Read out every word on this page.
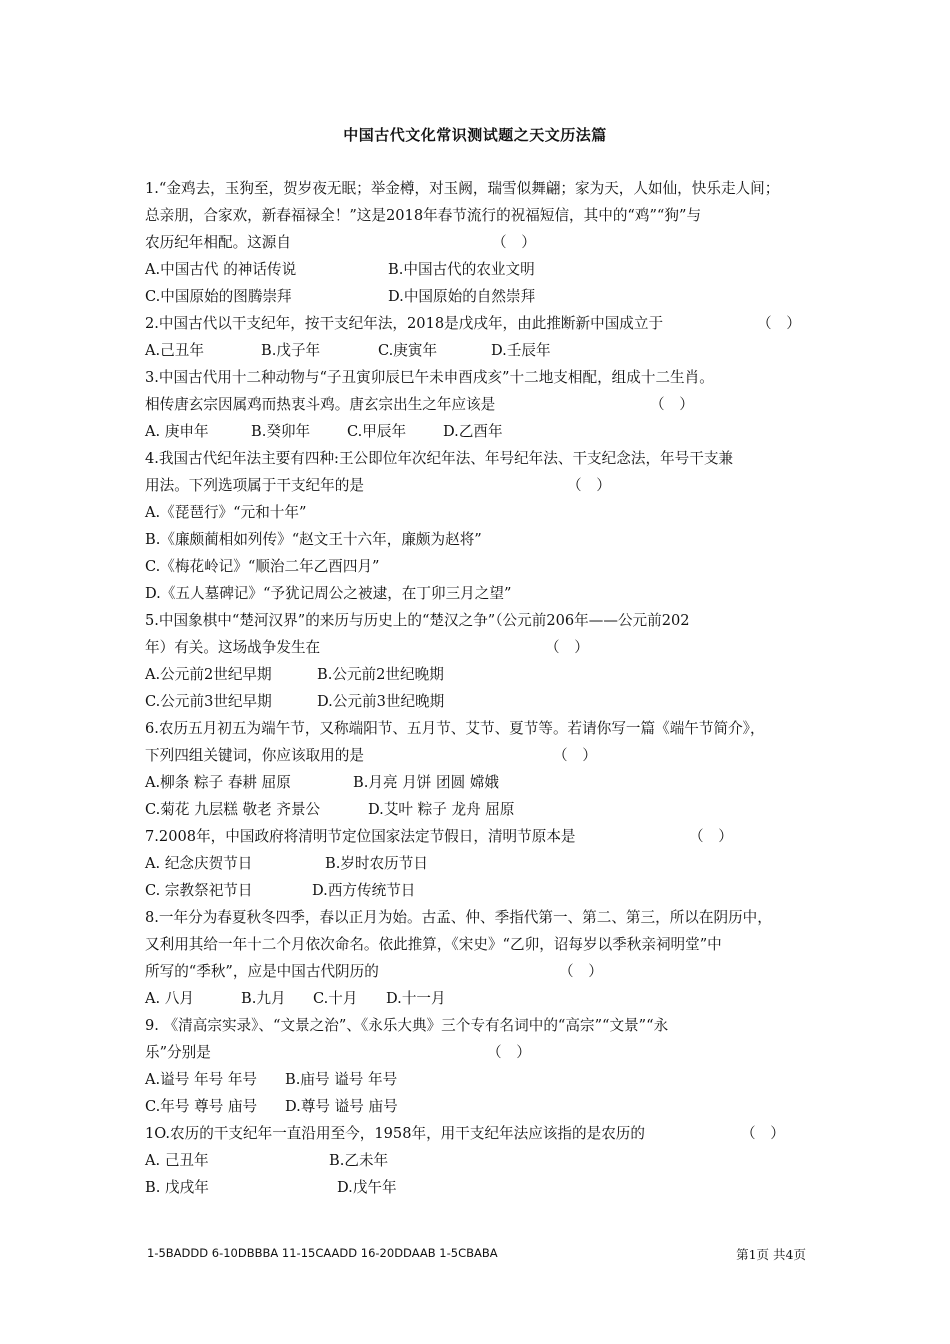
中国古代文化常识测试题之天文历法篇
1.“金鸡去，玉狗至，贺岁夜无眠；举金樽，对玉阙，瑞雪似舞翩；家为天，人如仙，快乐走人间；
总亲朋，合家欢，新春福禄全！”这是2018年春节流行的祝福短信，其中的“鸡”“狗”与
农历纪年相配。这源自	（　）
A.中国古代 的神话传说	B.中国古代的农业文明
C.中国原始的图腾崇拜	D.中国原始的自然崇拜
2.中国古代以干支纪年，按干支纪年法，2018是戊戌年，由此推断新中国成立于	（　）
A.己丑年	B.戊子年	C.庚寅年	D.壬辰年
3.中国古代用十二种动物与“子丑寅卯辰巳午未申酉戌亥”十二地支相配，组成十二生肖。
相传唐玄宗因属鸡而热衷斗鸡。唐玄宗出生之年应该是	（　）
A. 庚申年	B.癸卯年	C.甲辰年	D.乙酉年
4.我国古代纪年法主要有四种:王公即位年次纪年法、年号纪年法、干支纪念法，年号干支兼
用法。下列选项属于干支纪年的是	（　）
A.《琵琶行》“元和十年”
B.《廉颇蔺相如列传》“赵文王十六年，廉颇为赵将”
C.《梅花岭记》“顺治二年乙酉四月”
D.《五人墓碑记》“予犹记周公之被逮，在丁卯三月之望”
5.中国象棋中“楚河汉界”的来历与历史上的“楚汉之争”（公元前206年——公元前202
年）有关。这场战争发生在	（　）
A.公元前2世纪早期	B.公元前2世纪晚期
C.公元前3世纪早期	D.公元前3世纪晚期
6.农历五月初五为端午节，又称端阳节、五月节、艾节、夏节等。若请你写一篇《端午节简介》，
下列四组关键词，你应该取用的是	（　）
A.柳条 粽子 春耕 屈原	B.月亮 月饼 团圆 嫦娥
C.菊花 九层糕 敬老 齐景公	D.艾叶 粽子 龙舟 屈原
7.2008年，中国政府将清明节定位国家法定节假日，清明节原本是	（　）
A. 纪念庆贺节日	B.岁时农历节日
C. 宗教祭祀节日	D.西方传统节日
8.一年分为春夏秋冬四季，春以正月为始。古孟、仲、季指代第一、第二、第三，所以在阴历中，
又利用其给一年十二个月依次命名。依此推算，《宋史》“乙卯，诏每岁以季秋亲祠明堂”中
所写的“季秋”，应是中国古代阴历的	（　）
A. 八月	B.九月 C.十月 D.十一月
9. 《清高宗实录》、“文景之治”、《永乐大典》三个专有名词中的“高宗”“文景”“永
乐”分别是	（　）
A.谥号 年号 年号 B.庙号 谥号 年号
C.年号 尊号 庙号 D.尊号 谥号 庙号
1O.农历的干支纪年一直沿用至今，1958年，用干支纪年法应该指的是农历的	（　）
A. 己丑年	B.乙未年
B. 戊戌年	D.戊午年
1-5BADDD 6-10DBBBA 11-15CAADD 16-20DDAAB 1-5CBABA	第1页 共4页
